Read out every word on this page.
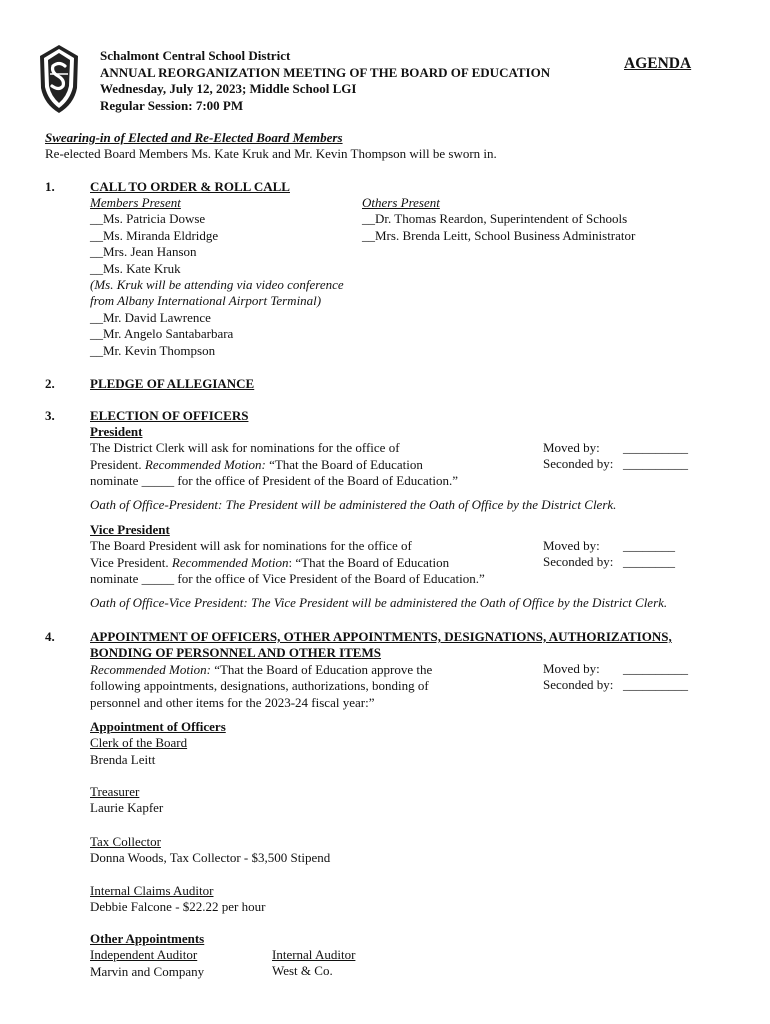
Schalmont Central School District
ANNUAL REORGANIZATION MEETING OF THE BOARD OF EDUCATION
Wednesday, July 12, 2023; Middle School LGI
Regular Session: 7:00 PM
AGENDA
Swearing-in of Elected and Re-Elected Board Members
Re-elected Board Members Ms. Kate Kruk and Mr. Kevin Thompson will be sworn in.
1.	CALL TO ORDER & ROLL CALL
Members Present
__Ms. Patricia Dowse
__Ms. Miranda Eldridge
__Mrs. Jean Hanson
__Ms. Kate Kruk
(Ms. Kruk will be attending via video conference
from Albany International Airport Terminal)
__Mr. David Lawrence
__Mr. Angelo Santabarbara
__Mr. Kevin Thompson
Others Present
__Dr. Thomas Reardon, Superintendent of Schools
__Mrs. Brenda Leitt, School Business Administrator
2.	PLEDGE OF ALLEGIANCE
3.	ELECTION OF OFFICERS
President
The District Clerk will ask for nominations for the office of
President. Recommended Motion: “That the Board of Education
nominate _____ for the office of President of the Board of Education.”
Moved by: __________
Seconded by: __________
Oath of Office-President: The President will be administered the Oath of Office by the District Clerk.
Vice President
The Board President will ask for nominations for the office of
Vice President. Recommended Motion: “That the Board of Education
nominate _____ for the office of Vice President of the Board of Education.”
Moved by: ________
Seconded by: ________
Oath of Office-Vice President: The Vice President will be administered the Oath of Office by the District Clerk.
4.	APPOINTMENT OF OFFICERS, OTHER APPOINTMENTS, DESIGNATIONS, AUTHORIZATIONS,
BONDING OF PERSONNEL AND OTHER ITEMS
Recommended Motion: “That the Board of Education approve the
following appointments, designations, authorizations, bonding of
personnel and other items for the 2023-24 fiscal year:”
Moved by: __________
Seconded by: __________
Appointment of Officers
Clerk of the Board
Brenda Leitt
Treasurer
Laurie Kapfer
Tax Collector
Donna Woods, Tax Collector - $3,500 Stipend
Internal Claims Auditor
Debbie Falcone - $22.22 per hour
Other Appointments
Independent Auditor
Marvin and Company
Internal Auditor
West & Co.
